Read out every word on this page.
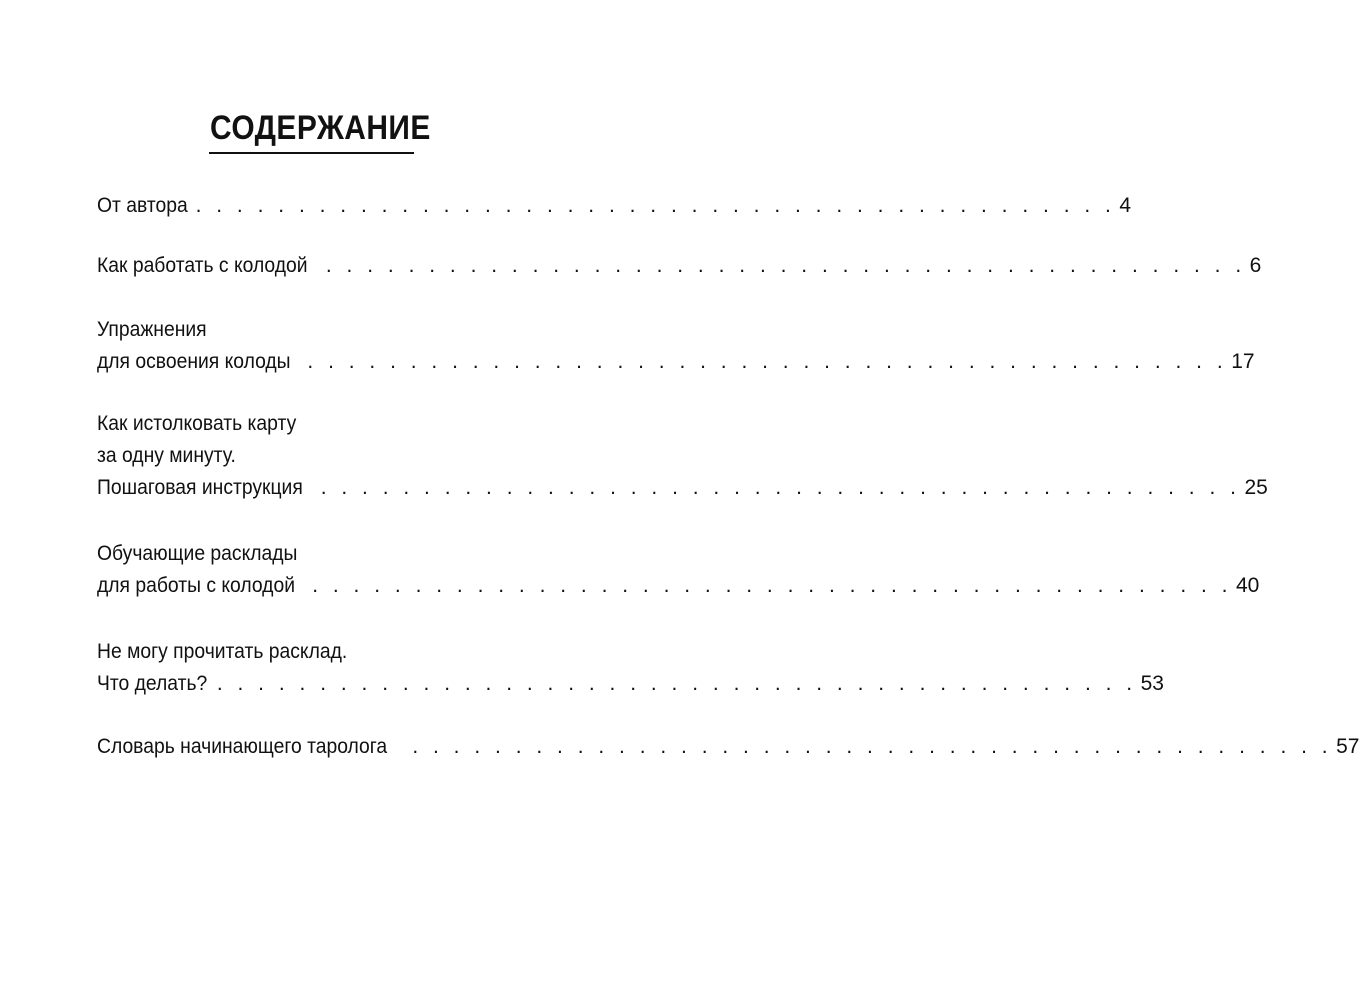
СОДЕРЖАНИЕ
От автора . . . . . . . . . . . . . . . . . . . . . . . . . . . . . . . . . . . . . . . . . . . . . 4
Как работать с колодой . . . . . . . . . . . . . . . . . . . . . . . . . . . . . . . . . . . . . . . . . . . . . 6
Упражнения
для освоения колоды . . . . . . . . . . . . . . . . . . . . . . . . . . . . . . . . . . . . . . . . . . . . . 17
Как истолковать карту
за одну минуту.
Пошаговая инструкция . . . . . . . . . . . . . . . . . . . . . . . . . . . . . . . . . . . . . . . . . . . . . 25
Обучающие расклады
для работы с колодой . . . . . . . . . . . . . . . . . . . . . . . . . . . . . . . . . . . . . . . . . . . . . 40
Не могу прочитать расклад.
Что делать? . . . . . . . . . . . . . . . . . . . . . . . . . . . . . . . . . . . . . . . . . . . . . 53
Словарь начинающего таролога . . . . . . . . . . . . . . . . . . . . . . . . . . . . . . . . . . . . . . . . . . . . . 57
